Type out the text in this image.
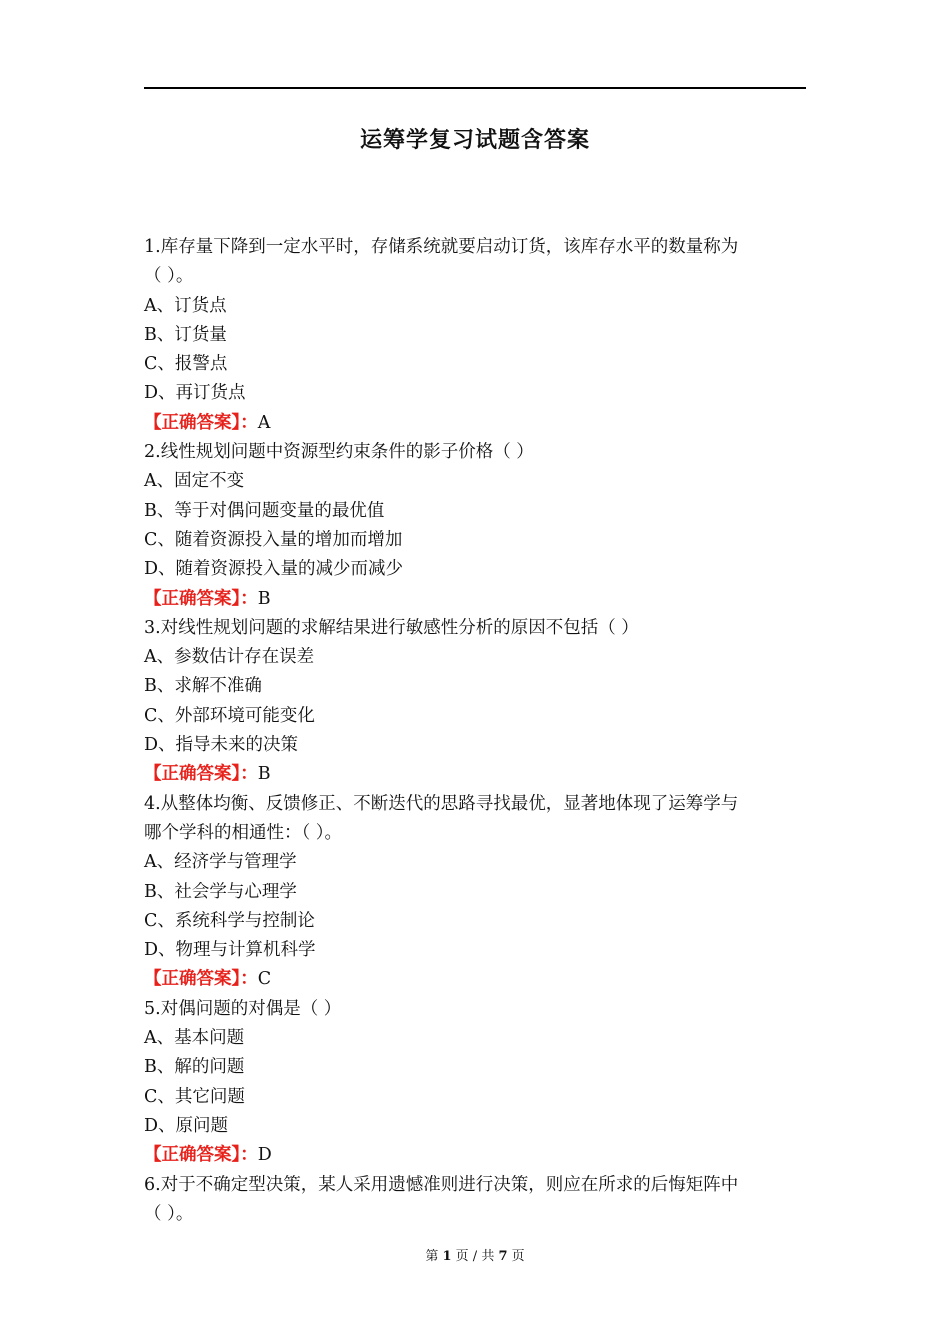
运筹学复习试题含答案
1.库存量下降到一定水平时，存储系统就要启动订货，该库存水平的数量称为
（ ）。
A、订货点
B、订货量
C、报警点
D、再订货点
【正确答案】：A
2.线性规划问题中资源型约束条件的影子价格（ ）
A、固定不变
B、等于对偶问题变量的最优值
C、随着资源投入量的增加而增加
D、随着资源投入量的减少而减少
【正确答案】：B
3.对线性规划问题的求解结果进行敏感性分析的原因不包括（ ）
A、参数估计存在误差
B、求解不准确
C、外部环境可能变化
D、指导未来的决策
【正确答案】：B
4.从整体均衡、反馈修正、不断迭代的思路寻找最优，显著地体现了运筹学与
哪个学科的相通性：（ ）。
A、经济学与管理学
B、社会学与心理学
C、系统科学与控制论
D、物理与计算机科学
【正确答案】：C
5.对偶问题的对偶是（ ）
A、基本问题
B、解的问题
C、其它问题
D、原问题
【正确答案】：D
6.对于不确定型决策，某人采用遗憾准则进行决策，则应在所求的后悔矩阵中
（ ）。
第 1 页 / 共 7 页
